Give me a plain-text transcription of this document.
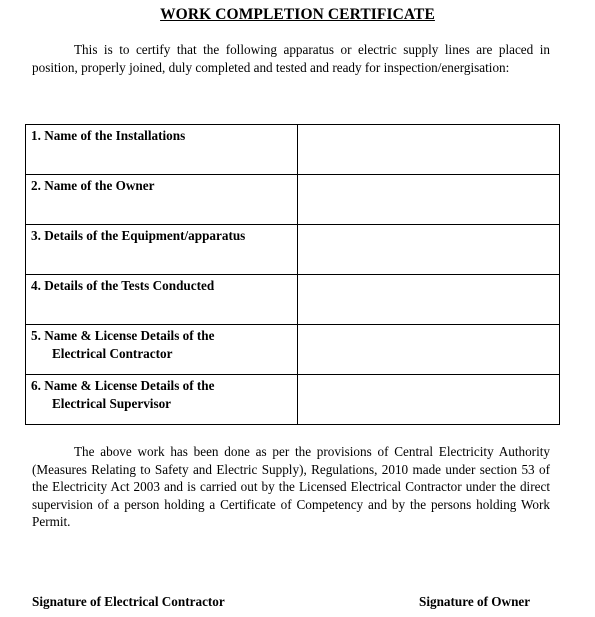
WORK COMPLETION CERTIFICATE
This is to certify that the following apparatus or electric supply lines are placed in position, properly joined, duly completed and tested and ready for inspection/energisation:
1. Name of the Installations	

2. Name of the Owner	

3. Details of the Equipment/apparatus	

4. Details of the Tests Conducted	

5. Name & License Details of the
Electrical Contractor	

6. Name & License Details of the
Electrical Supervisor	

The above work has been done as per the provisions of Central Electricity Authority (Measures Relating to Safety and Electric Supply), Regulations, 2010 made under section 53 of the Electricity Act 2003 and is carried out by the Licensed Electrical Contractor under the direct supervision of a person holding a Certificate of Competency and by the persons holding Work Permit.
Signature of Electrical Contractor	Signature of Owner
